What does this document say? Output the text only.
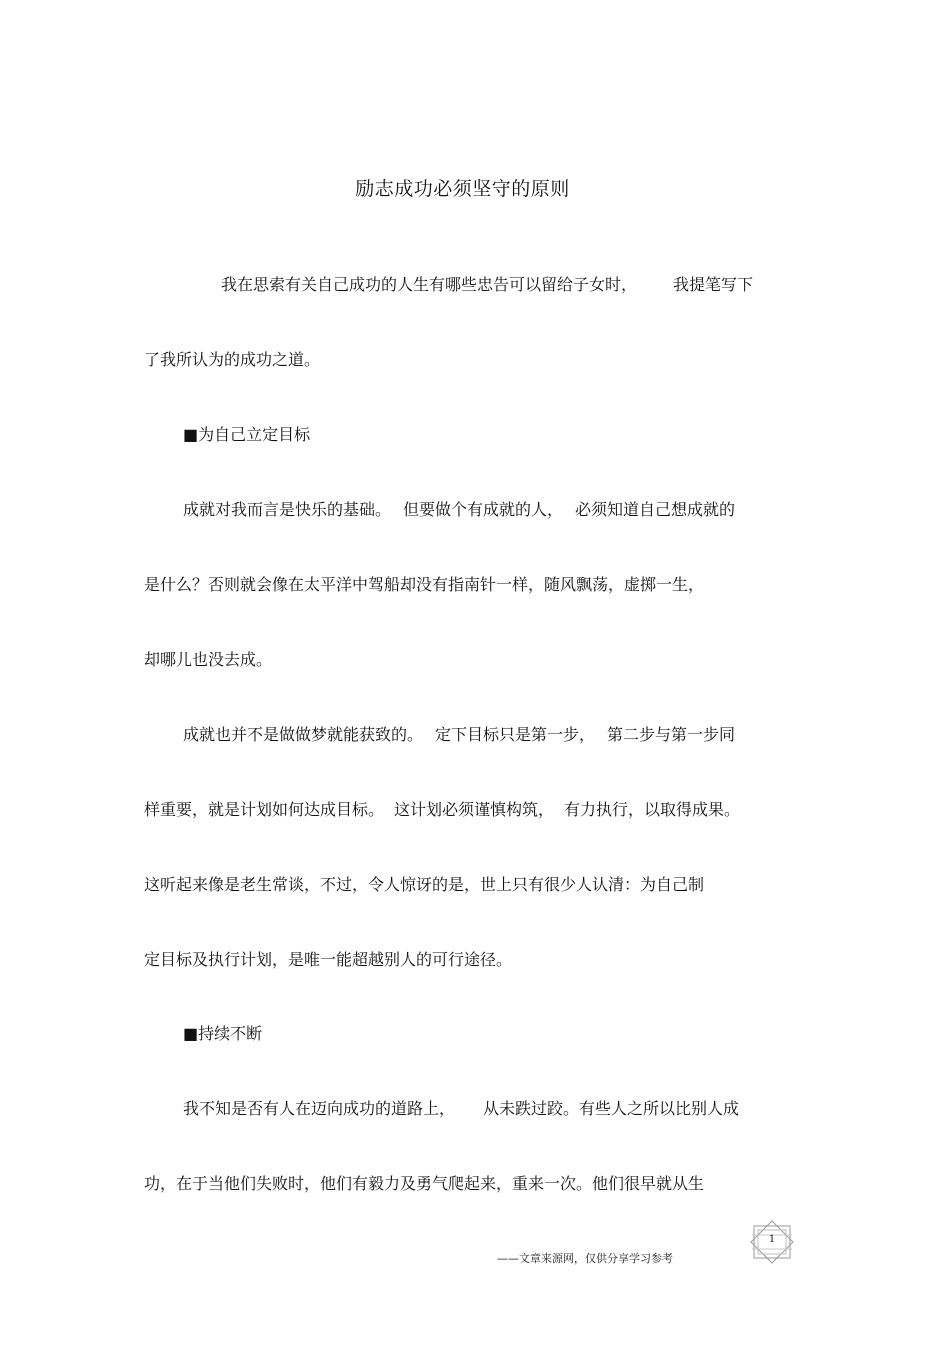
励志成功必须坚守的原则
我在思索有关自己成功的人生有哪些忠告可以留给子女时， 我提笔写下
了我所认为的成功之道。
■为自己立定目标
成就对我而言是快乐的基础。 但要做个有成就的人， 必须知道自己想成就的
是什么？否则就会像在太平洋中驾船却没有指南针一样，随风飘荡，虚掷一生，
却哪儿也没去成。
成就也并不是做做梦就能获致的。 定下目标只是第一步， 第二步与第一步同
样重要，就是计划如何达成目标。 这计划必须谨慎构筑， 有力执行，以取得成果。
这听起来像是老生常谈，不过，令人惊讶的是，世上只有很少人认清：为自己制
定目标及执行计划，是唯一能超越别人的可行途径。
■持续不断
我不知是否有人在迈向成功的道路上， 从未跌过跤。有些人之所以比别人成
功，在于当他们失败时，他们有毅力及勇气爬起来，重来一次。他们很早就从生
1
——文章来源网，仅供分享学习参考
